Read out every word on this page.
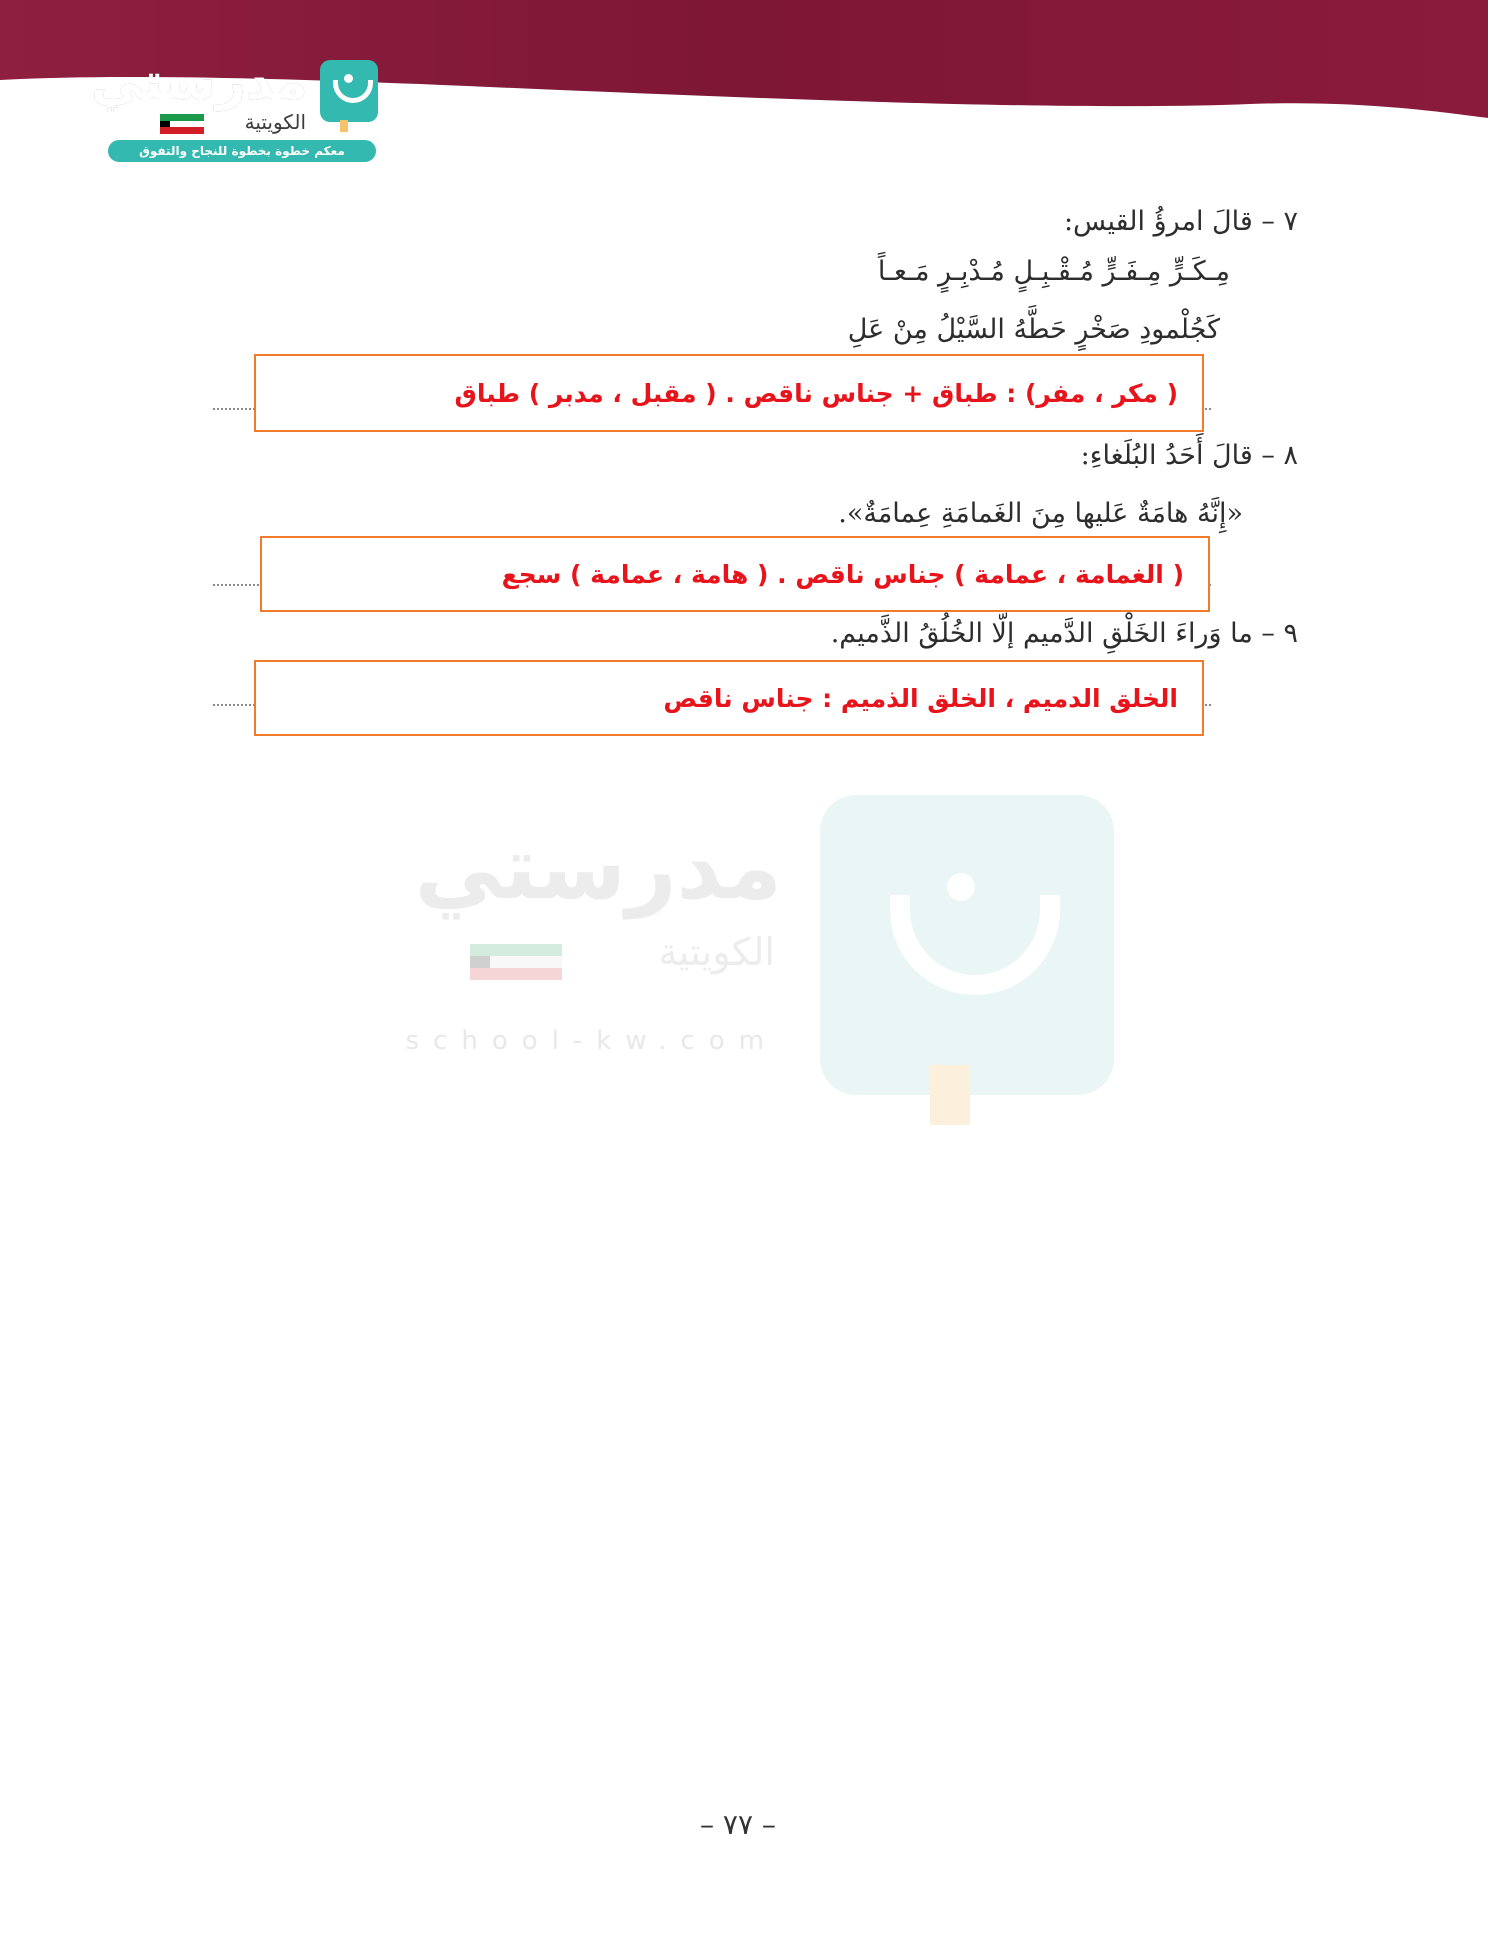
مدرستي
الكويتية
معكم خطوة بخطوة للنجاح والتفوق
٧ – قالَ امرؤُ القيس:
مِـكَـرٍّ مِـفَـرٍّ مُـقْـبِـلٍ مُـدْبِـرٍ مَـعـاً
كَجُلْمودِ صَخْرٍ حَطَّهُ السَّيْلُ مِنْ عَلِ
( مكر ، مفر) : طباق + جناس ناقص . ( مقبل ، مدبر ) طباق
٨ – قالَ أَحَدُ البُلَغاءِ:
«إِنَّهُ هامَةٌ عَليها مِنَ الغَمامَةِ عِمامَةٌ».
( الغمامة ، عمامة ) جناس ناقص . ( هامة ، عمامة ) سجع
٩ – ما وَراءَ الخَلْقِ الدَّميم إلّا الخُلُقُ الذَّميم.
الخلق الدميم ، الخلق الذميم : جناس ناقص
مدرستي
الكويتية
school-kw.com
– ٧٧ –
